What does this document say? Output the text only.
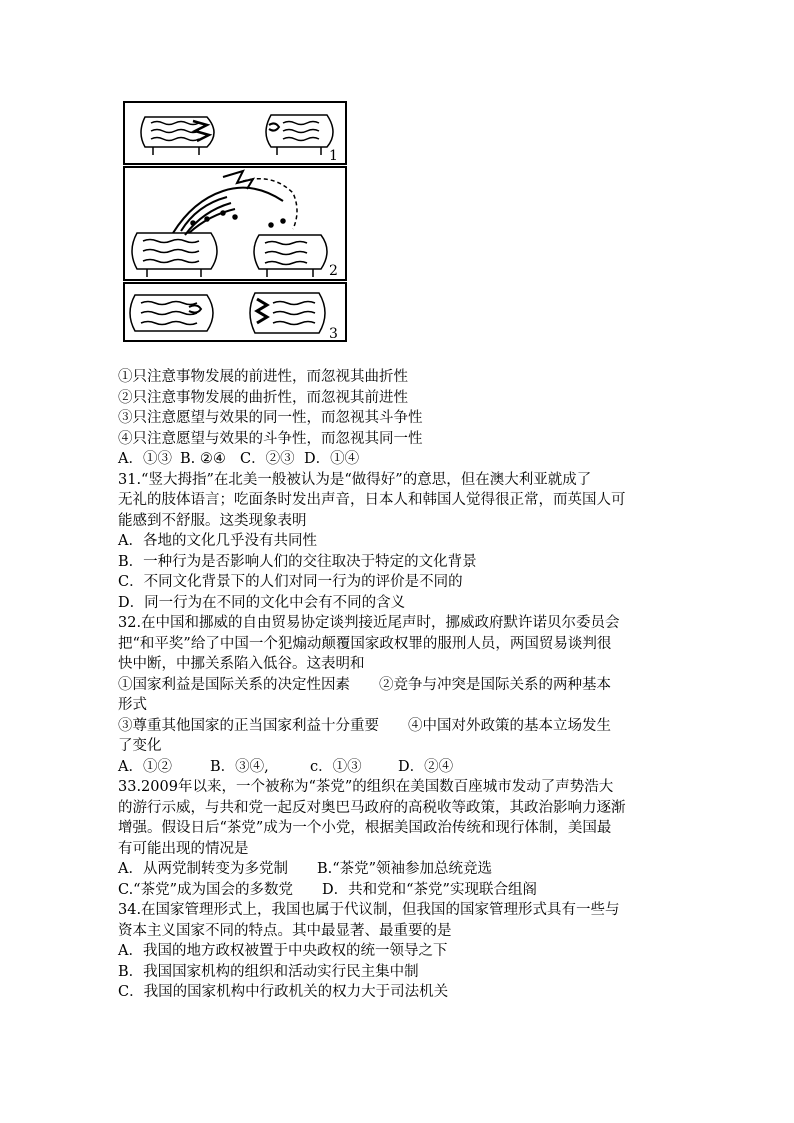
1
2
3
①只注意事物发展的前进性，而忽视其曲折性
②只注意事物发展的曲折性，而忽视其前进性
③只注意愿望与效果的同一性，而忽视其斗争性
④只注意愿望与效果的斗争性，而忽视其同一性
A．①③ B. ②④ C．②③ D．①④
31.“竖大拇指”在北美一般被认为是“做得好”的意思，但在澳大利亚就成了
无礼的肢体语言；吃面条时发出声音，日本人和韩国人觉得很正常，而英国人可
能感到不舒服。这类现象表明
A．各地的文化几乎没有共同性
B．一种行为是否影响人们的交往取决于特定的文化背景
C．不同文化背景下的人们对同一行为的评价是不同的
D．同一行为在不同的文化中会有不同的含义
32.在中国和挪威的自由贸易协定谈判接近尾声时，挪威政府默许诺贝尔委员会
把“和平奖”给了中国一个犯煽动颠覆国家政权罪的服刑人员，两国贸易谈判很
快中断，中挪关系陷入低谷。这表明和
①国家利益是国际关系的决定性因素　　②竞争与冲突是国际关系的两种基本
形式
③尊重其他国家的正当国家利益十分重要　　④中国对外政策的基本立场发生
了变化
A．①②	B．③④,	c．①③	D．②④
33.2009年以来，一个被称为“茶党”的组织在美国数百座城市发动了声势浩大
的游行示威，与共和党一起反对奥巴马政府的高税收等政策，其政治影响力逐渐
增强。假设日后“茶党”成为一个小党，根据美国政治传统和现行体制，美国最
有可能出现的情况是
A．从两党制转变为多党制　　B.“茶党”领袖参加总统竞选
C.“茶党”成为国会的多数党　　D．共和党和“茶党”实现联合组阁
34.在国家管理形式上，我国也属于代议制，但我国的国家管理形式具有一些与
资本主义国家不同的特点。其中最显著、最重要的是
A．我国的地方政权被置于中央政权的统一领导之下
B．我国国家机构的组织和活动实行民主集中制
C．我国的国家机构中行政机关的权力大于司法机关
